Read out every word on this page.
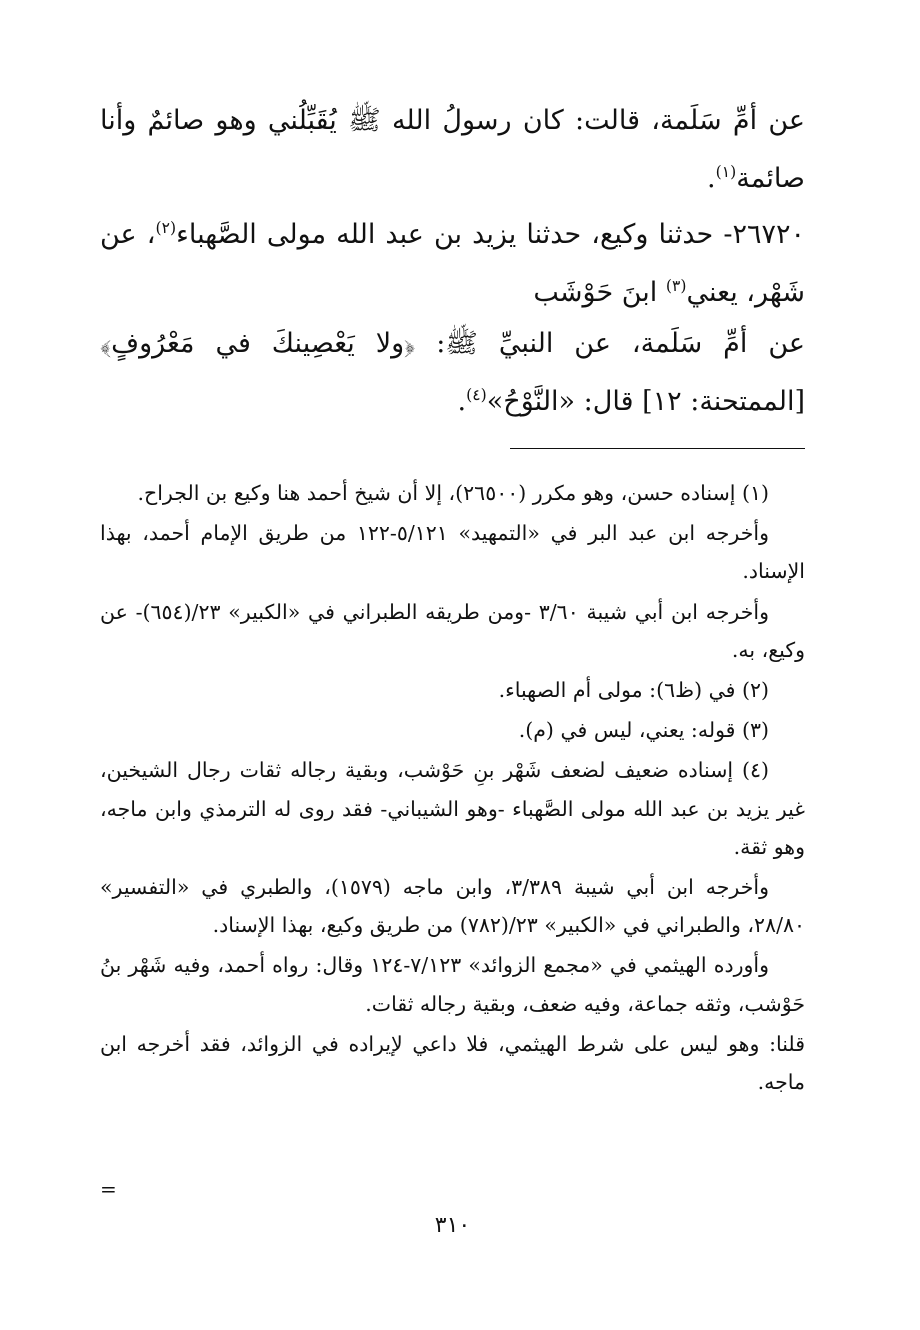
عن أمِّ سَلَمة، قالت: كان رسولُ الله ﷺ يُقَبِّلُني وهو صائمٌ وأنا صائمة$^{(١)}$.

٢٦٧٢٠- حدثنا وكيع، حدثنا يزيد بن عبد الله مولى الصَّهباء$^{(٢)}$، عن شَهْر، يعني$^{(٣)}$ ابنَ حَوْشَب

عن أمِّ سَلَمة، عن النبيِّ ﷺ: ﴿ولا يَعْصِينكَ في مَعْرُوفٍ﴾ [الممتحنة: ١٢] قال: «النَّوْحُ»$^{(٤)}$.

(١) إسناده حسن، وهو مكرر (٢٦٥٠٠)، إلا أن شيخ أحمد هنا وكيع بن الجراح.

وأخرجه ابن عبد البر في «التمهيد» ٥/١٢١-١٢٢ من طريق الإمام أحمد، بهذا الإسناد.

وأخرجه ابن أبي شيبة ٣/٦٠ -ومن طريقه الطبراني في «الكبير» ٢٣/(٦٥٤)- عن وكيع، به.

(٢) في (ظ٦): مولى أم الصهباء.

(٣) قوله: يعني، ليس في (م).

(٤) إسناده ضعيف لضعف شَهْر بنِ حَوْشب، وبقية رجاله ثقات رجال الشيخين، غير يزيد بن عبد الله مولى الصَّهباء -وهو الشيباني- فقد روى له الترمذي وابن ماجه، وهو ثقة.

وأخرجه ابن أبي شيبة ٣/٣٨٩، وابن ماجه (١٥٧٩)، والطبري في «التفسير» ٢٨/٨٠، والطبراني في «الكبير» ٢٣/(٧٨٢) من طريق وكيع، بهذا الإسناد.

وأورده الهيثمي في «مجمع الزوائد» ٧/١٢٣-١٢٤ وقال: رواه أحمد، وفيه شَهْر بنُ حَوْشب، وثقه جماعة، وفيه ضعف، وبقية رجاله ثقات.

قلنا: وهو ليس على شرط الهيثمي، فلا داعي لإيراده في الزوائد، فقد أخرجه ابن ماجه.

=
٣١٠
